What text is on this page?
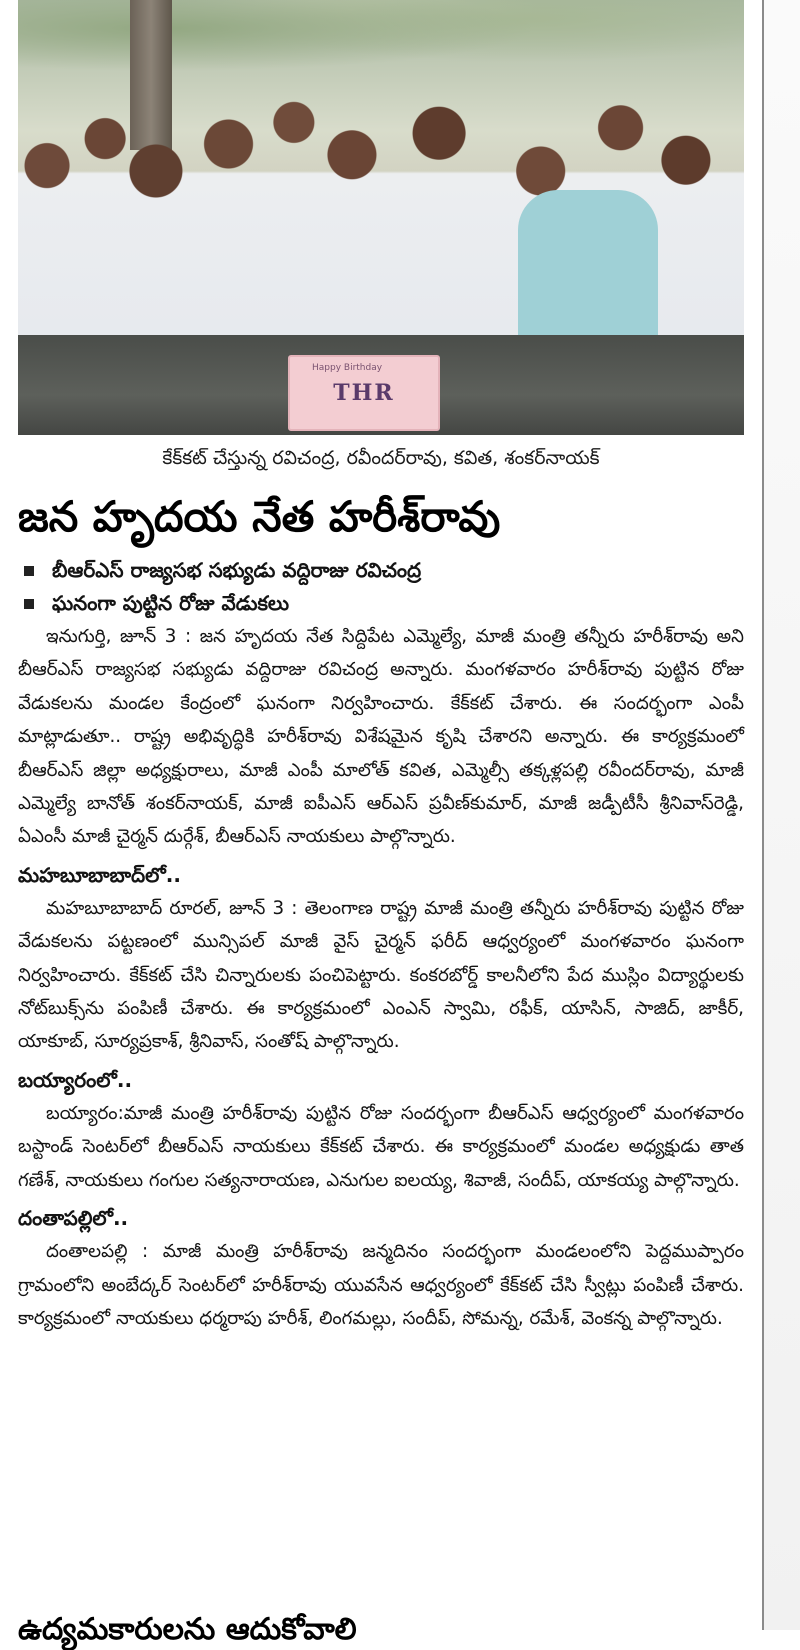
Happy Birthday
THR
కేక్‌కట్ చేస్తున్న రవిచంద్ర, రవీందర్‌రావు, కవిత, శంకర్‌నాయక్
జన హృదయ నేత హరీశ్‌రావు
బీఆర్ఎస్ రాజ్యసభ సభ్యుడు వద్దిరాజు రవిచంద్ర
ఘనంగా పుట్టిన రోజు వేడుకలు

ఇనుగుర్తి, జూన్ 3 : జన హృదయ నేత సిద్దిపేట ఎమ్మెల్యే, మాజీ మంత్రి తన్నీరు హరీశ్‌రావు అని బీఆర్ఎస్ రాజ్యసభ సభ్యుడు వద్దిరాజు రవిచంద్ర అన్నారు. మంగళవారం హరీశ్‌రావు పుట్టిన రోజు వేడుకలను మండల కేంద్రంలో ఘనంగా నిర్వహించారు. కేక్‌కట్ చేశారు. ఈ సందర్భంగా ఎంపీ మాట్లాడుతూ.. రాష్ట్ర అభివృద్ధికి హరీశ్‌రావు విశేషమైన కృషి చేశారని అన్నారు. ఈ కార్యక్రమంలో బీఆర్ఎస్ జిల్లా అధ్యక్షురాలు, మాజీ ఎంపీ మాలోత్ కవిత, ఎమ్మెల్సీ తక్కళ్లపల్లి రవీందర్‌రావు, మాజీ ఎమ్మెల్యే బానోత్ శంకర్‌నాయక్, మాజీ ఐపీఎస్ ఆర్ఎస్ ప్రవీణ్‌కుమార్, మాజీ జడ్పీటీసీ శ్రీనివాస్‌రెడ్డి, ఏఎంసీ మాజీ చైర్మన్ దుర్గేశ్, బీఆర్ఎస్ నాయకులు పాల్గొన్నారు.

మహబూబాబాద్‌లో..

మహబూబాబాద్ రూరల్, జూన్ 3 : తెలంగాణ రాష్ట్ర మాజీ మంత్రి తన్నీరు హరీశ్‌రావు పుట్టిన రోజు వేడుకలను పట్టణంలో మున్సిపల్ మాజీ వైస్ చైర్మన్ ఫరీద్ ఆధ్వర్యంలో మంగళవారం ఘనంగా నిర్వహించారు. కేక్‌కట్ చేసి చిన్నారులకు పంచిపెట్టారు. కంకరబోర్డ్ కాలనీలోని పేద ముస్లిం విద్యార్థులకు నోట్‌బుక్స్‌ను పంపిణీ చేశారు. ఈ కార్యక్రమంలో ఎంఎన్ స్వామి, రఫీక్, యాసిన్, సాజిద్, జాకీర్, యాకూబ్, సూర్యప్రకాశ్, శ్రీనివాస్, సంతోష్ పాల్గొన్నారు.

బయ్యారంలో..

బయ్యారం:మాజీ మంత్రి హరీశ్‌రావు పుట్టిన రోజు సందర్భంగా బీఆర్ఎస్ ఆధ్వర్యంలో మంగళవారం బస్టాండ్ సెంటర్‌లో బీఆర్ఎస్ నాయకులు కేక్‌కట్ చేశారు. ఈ కార్యక్రమంలో మండల అధ్యక్షుడు తాత గణేశ్, నాయకులు గంగుల సత్యనారాయణ, ఎనుగుల ఐలయ్య, శివాజీ, సందీప్, యాకయ్య పాల్గొన్నారు.

దంతాపల్లిలో..

దంతాలపల్లి : మాజీ మంత్రి హరీశ్‌రావు జన్మదినం సందర్భంగా మండలంలోని పెద్దముప్పారం గ్రామంలోని అంబేద్కర్ సెంటర్‌లో హరీశ్‌రావు యువసేన ఆధ్వర్యంలో కేక్‌కట్ చేసి స్వీట్లు పంపిణీ చేశారు. కార్యక్రమంలో నాయకులు ధర్మరాపు హరీశ్, లింగమల్లు, సందీప్, సోమన్న, రమేశ్, వెంకన్న పాల్గొన్నారు.

ఉద్యమకారులను ఆదుకోవాలి
